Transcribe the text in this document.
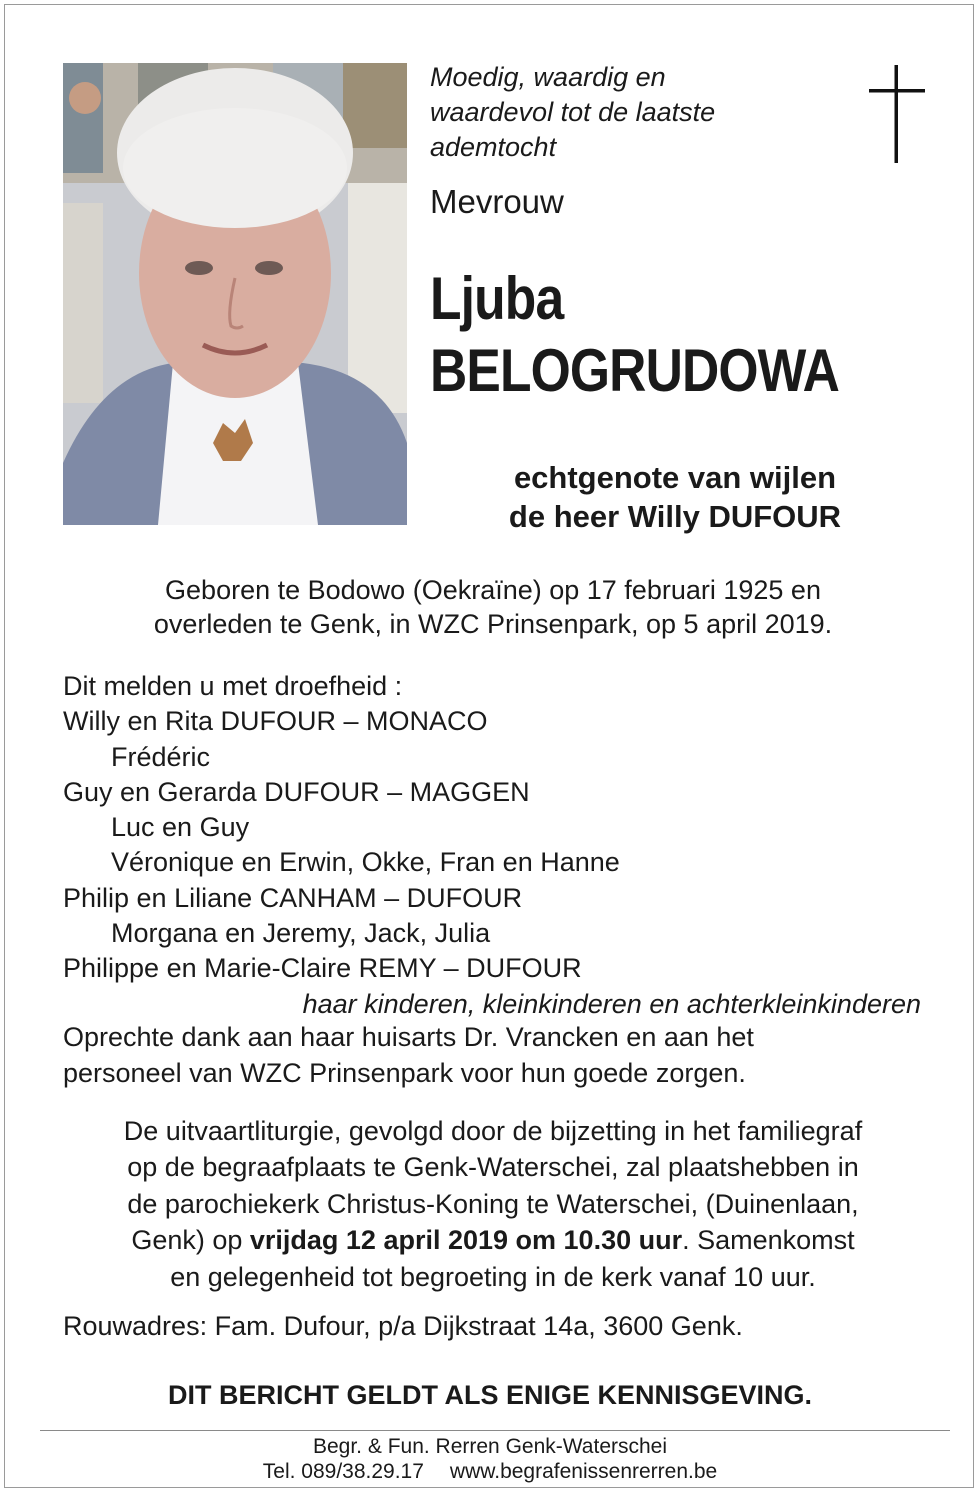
Moedig, waardig en
waardevol tot de laatste
ademtocht
Mevrouw
Ljuba
BELOGRUDOWA
echtgenote van wijlen
de heer Willy DUFOUR
Geboren te Bodowo (Oekraïne) op 17 februari 1925 en
overleden te Genk, in WZC Prinsenpark, op 5 april 2019.
Dit melden u met droefheid :
Willy en Rita DUFOUR – MONACO
Frédéric
Guy en Gerarda DUFOUR – MAGGEN
Luc en Guy
Véronique en Erwin, Okke, Fran en Hanne
Philip en Liliane CANHAM – DUFOUR
Morgana en Jeremy, Jack, Julia
Philippe en Marie-Claire REMY – DUFOUR
haar kinderen, kleinkinderen en achterkleinkinderen
Oprechte dank aan haar huisarts Dr. Vrancken en aan het
personeel van WZC Prinsenpark voor hun goede zorgen.
De uitvaartliturgie, gevolgd door de bijzetting in het familiegraf
op de begraafplaats te Genk-Waterschei, zal plaatshebben in
de parochiekerk Christus-Koning te Waterschei, (Duinenlaan,
Genk) op vrijdag 12 april 2019 om 10.30 uur. Samenkomst
en gelegenheid tot begroeting in de kerk vanaf 10 uur.
Rouwadres: Fam. Dufour, p/a Dijkstraat 14a, 3600 Genk.
DIT BERICHT GELDT ALS ENIGE KENNISGEVING.
Begr. & Fun. Rerren Genk-Waterschei
Tel. 089/38.29.17 www.begrafenissenrerren.be
